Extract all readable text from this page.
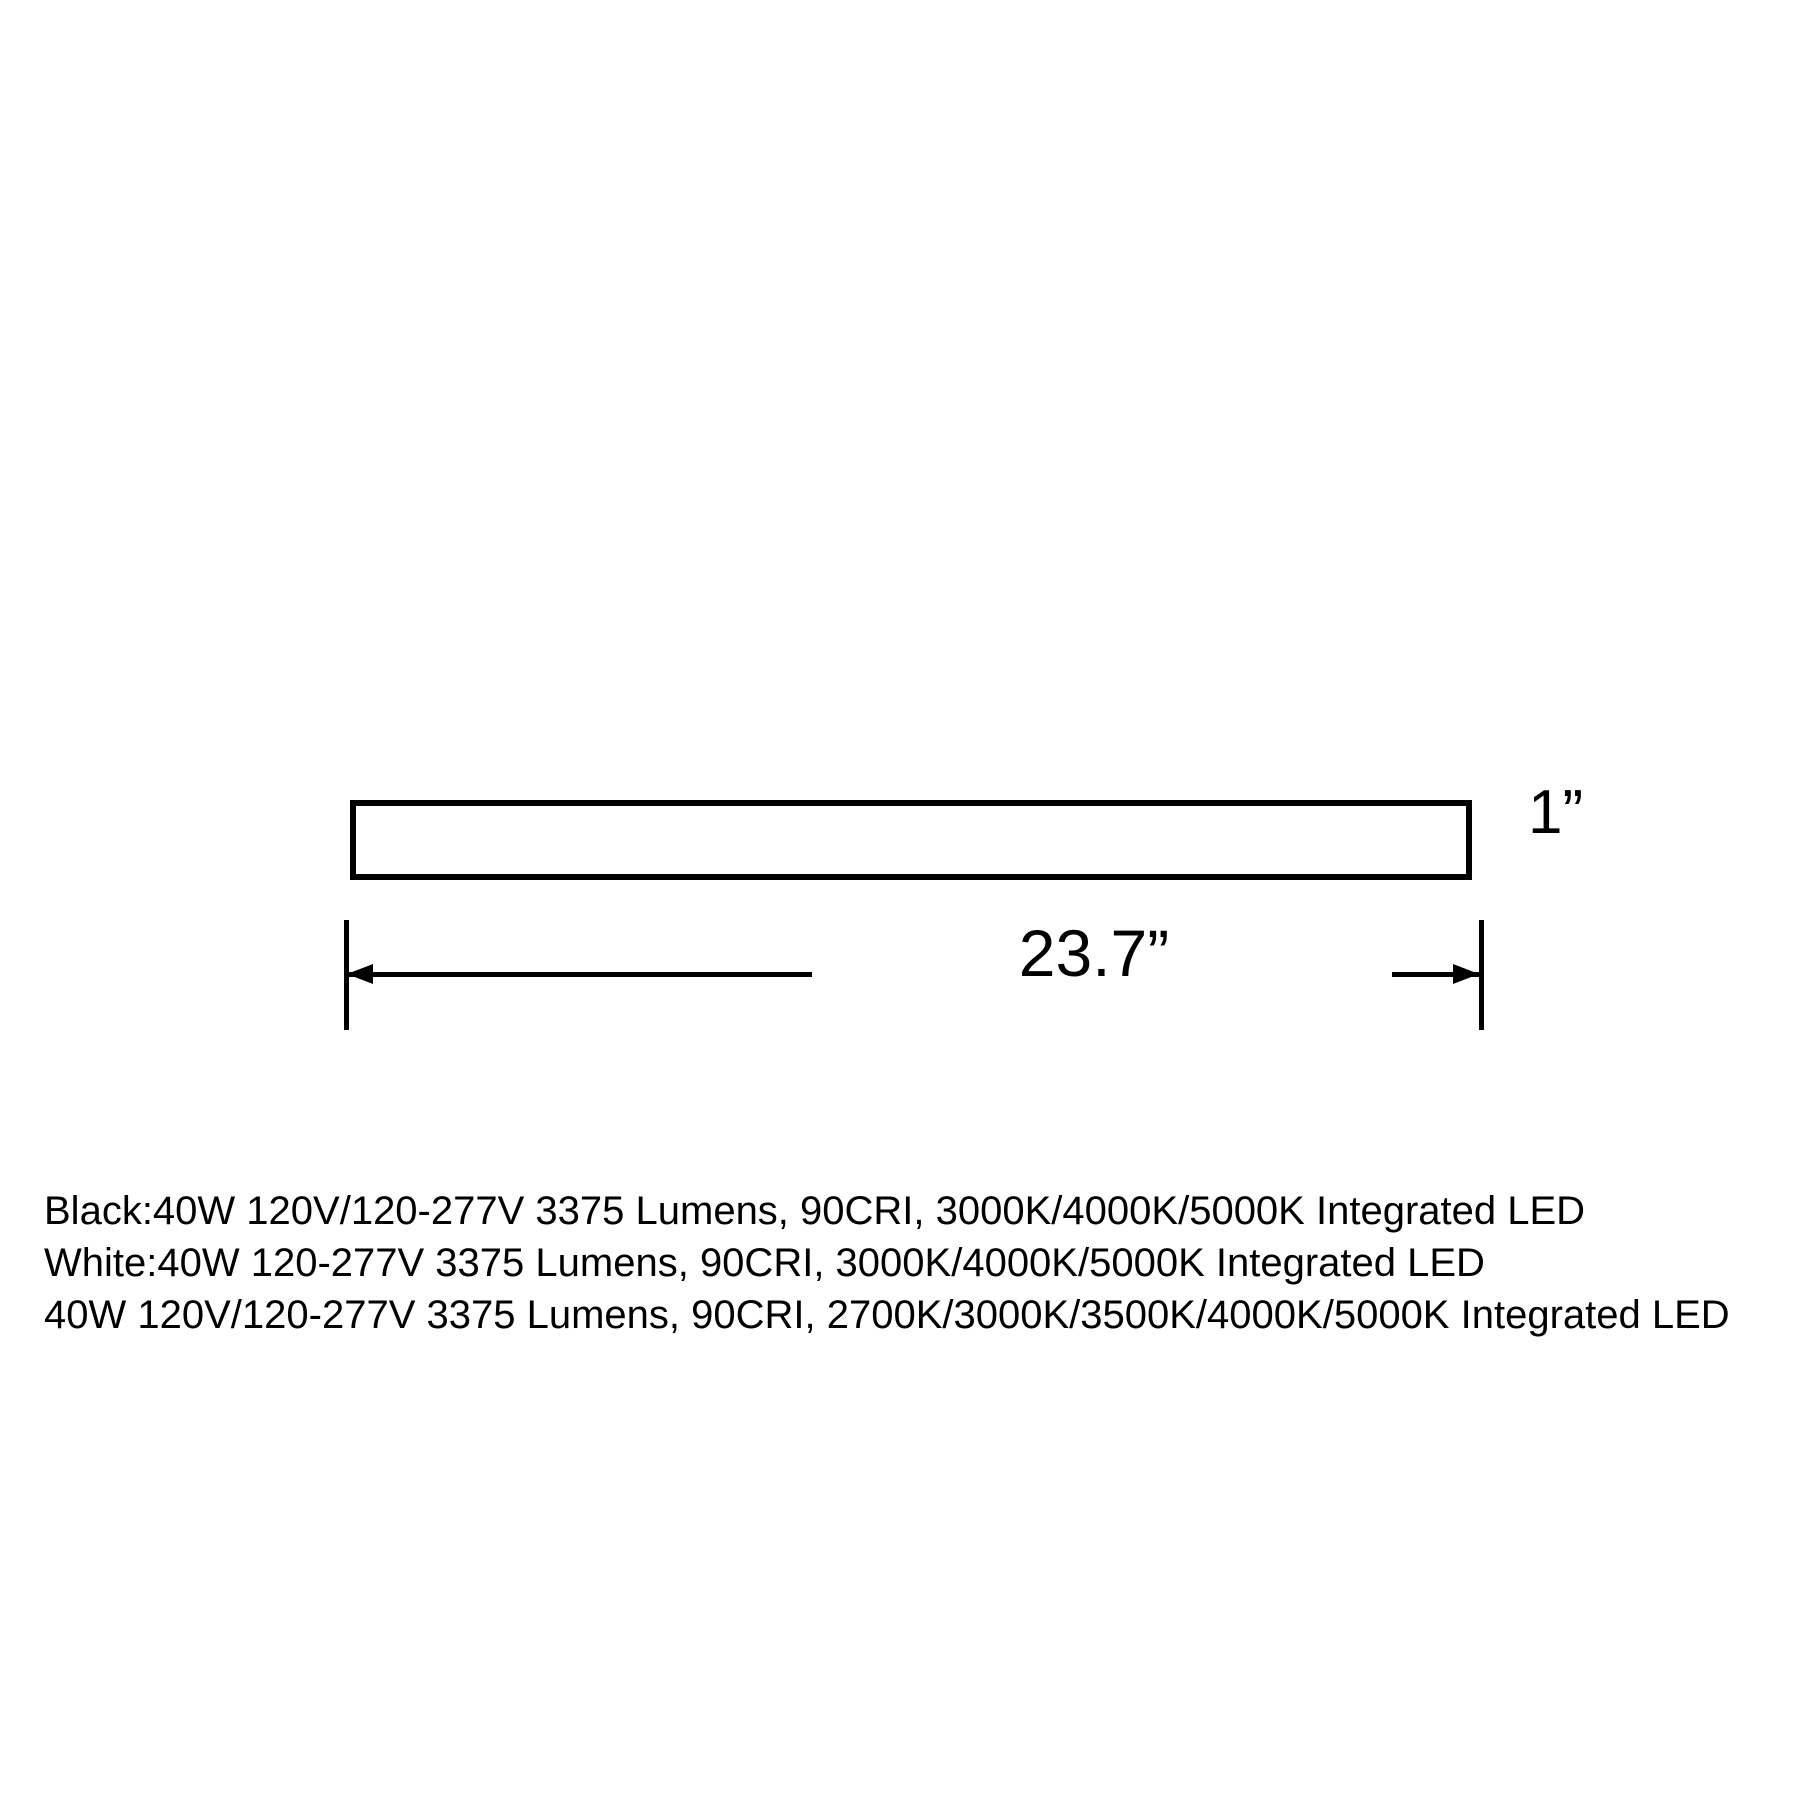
1”
23.7”
Black:40W 120V/120-277V 3375 Lumens, 90CRI, 3000K/4000K/5000K Integrated LED
White:40W 120-277V 3375 Lumens, 90CRI, 3000K/4000K/5000K Integrated LED
40W 120V/120-277V 3375 Lumens, 90CRI, 2700K/3000K/3500K/4000K/5000K Integrated LED
